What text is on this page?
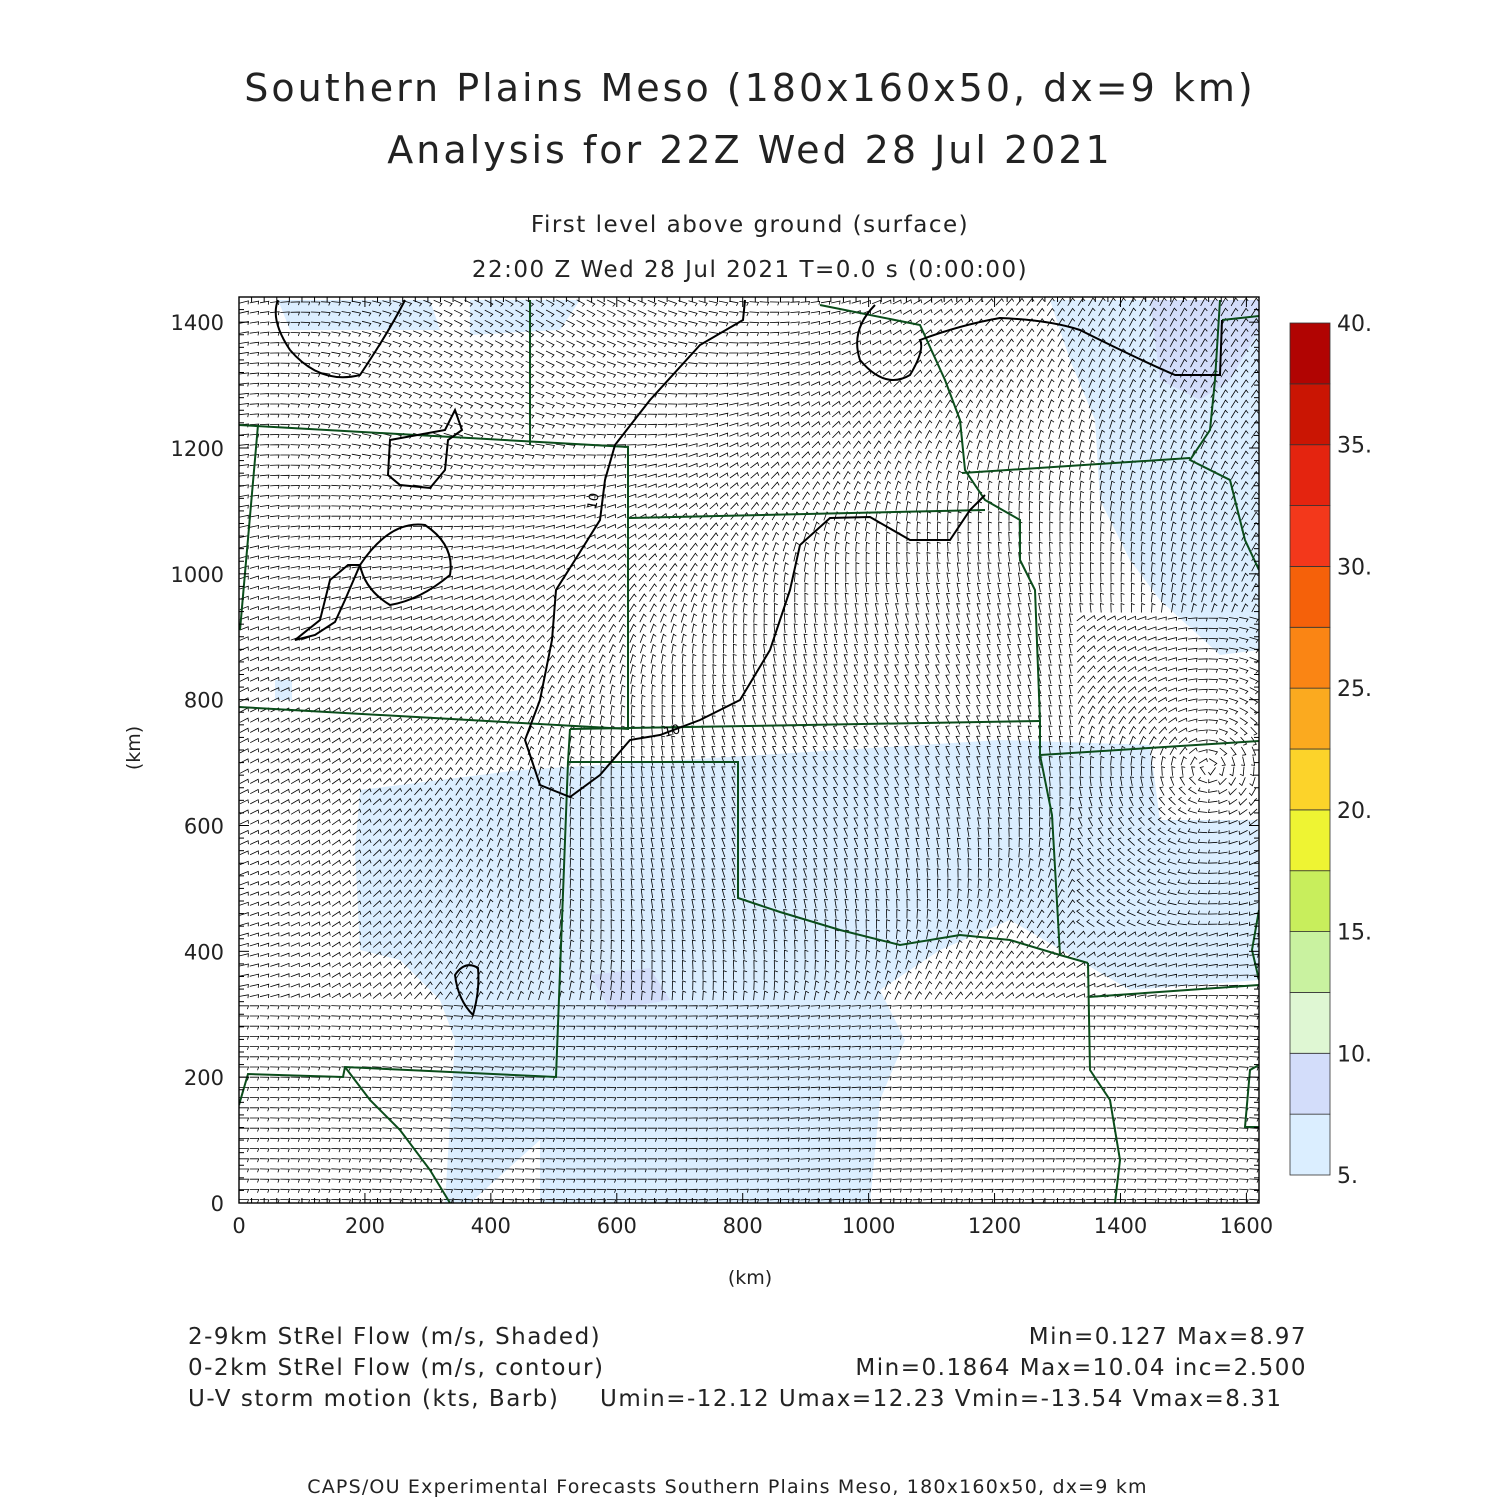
Southern Plains Meso (180x160x50, dx=9 km)
Analysis for 22Z Wed 28 Jul 2021
First level above ground (surface)
22:00 Z Wed 28 Jul 2021 T=0.0 s (0:00:00)
10
10
0	200	400	600	800	1000	1200	1400	1600
0
200
400
600
800
1000
1200
1400
(km)
(km)
5.
10.
15.
20.
25.
30.
35.
40.
2-9km StRel Flow (m/s, Shaded)	Min=0.127 Max=8.97
0-2km StRel Flow (m/s, contour)	Min=0.1864 Max=10.04 inc=2.500
U-V storm motion (kts, Barb) Umin=-12.12 Umax=12.23 Vmin=-13.54 Vmax=8.31
CAPS/OU Experimental Forecasts Southern Plains Meso, 180x160x50, dx=9 km
